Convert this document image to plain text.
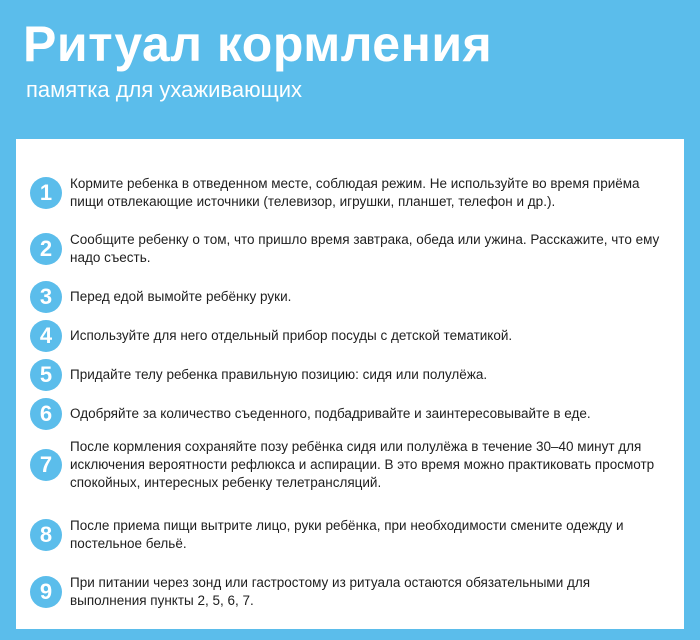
Ритуал кормления
памятка для ухаживающих
1	Кормите ребенка в отведенном месте, соблюдая режим. Не используйте во время приёма пищи отвлекающие источники (телевизор, игрушки, планшет, телефон и др.).
2	Сообщите ребенку о том, что пришло время завтрака, обеда или ужина. Расскажите, что ему надо съесть.
3	Перед едой вымойте ребёнку руки.
4	Используйте для него отдельный прибор посуды с детской тематикой.
5	Придайте телу ребенка правильную позицию: сидя или полулёжа.
6	Одобряйте за количество съеденного, подбадривайте и заинтересовывайте в еде.
7
После кормления сохраняйте позу ребёнка сидя или полулёжа в течение 30–40 минут для исключения вероятности рефлюкса и аспирации. В это время можно практиковать просмотр спокойных, интересных ребенку телетрансляций.
8	После приема пищи вытрите лицо, руки ребёнка, при необходимости смените одежду и постельное бельё.
9	При питании через зонд или гастростому из ритуала остаются обязательными для выполнения пункты 2, 5, 6, 7.
